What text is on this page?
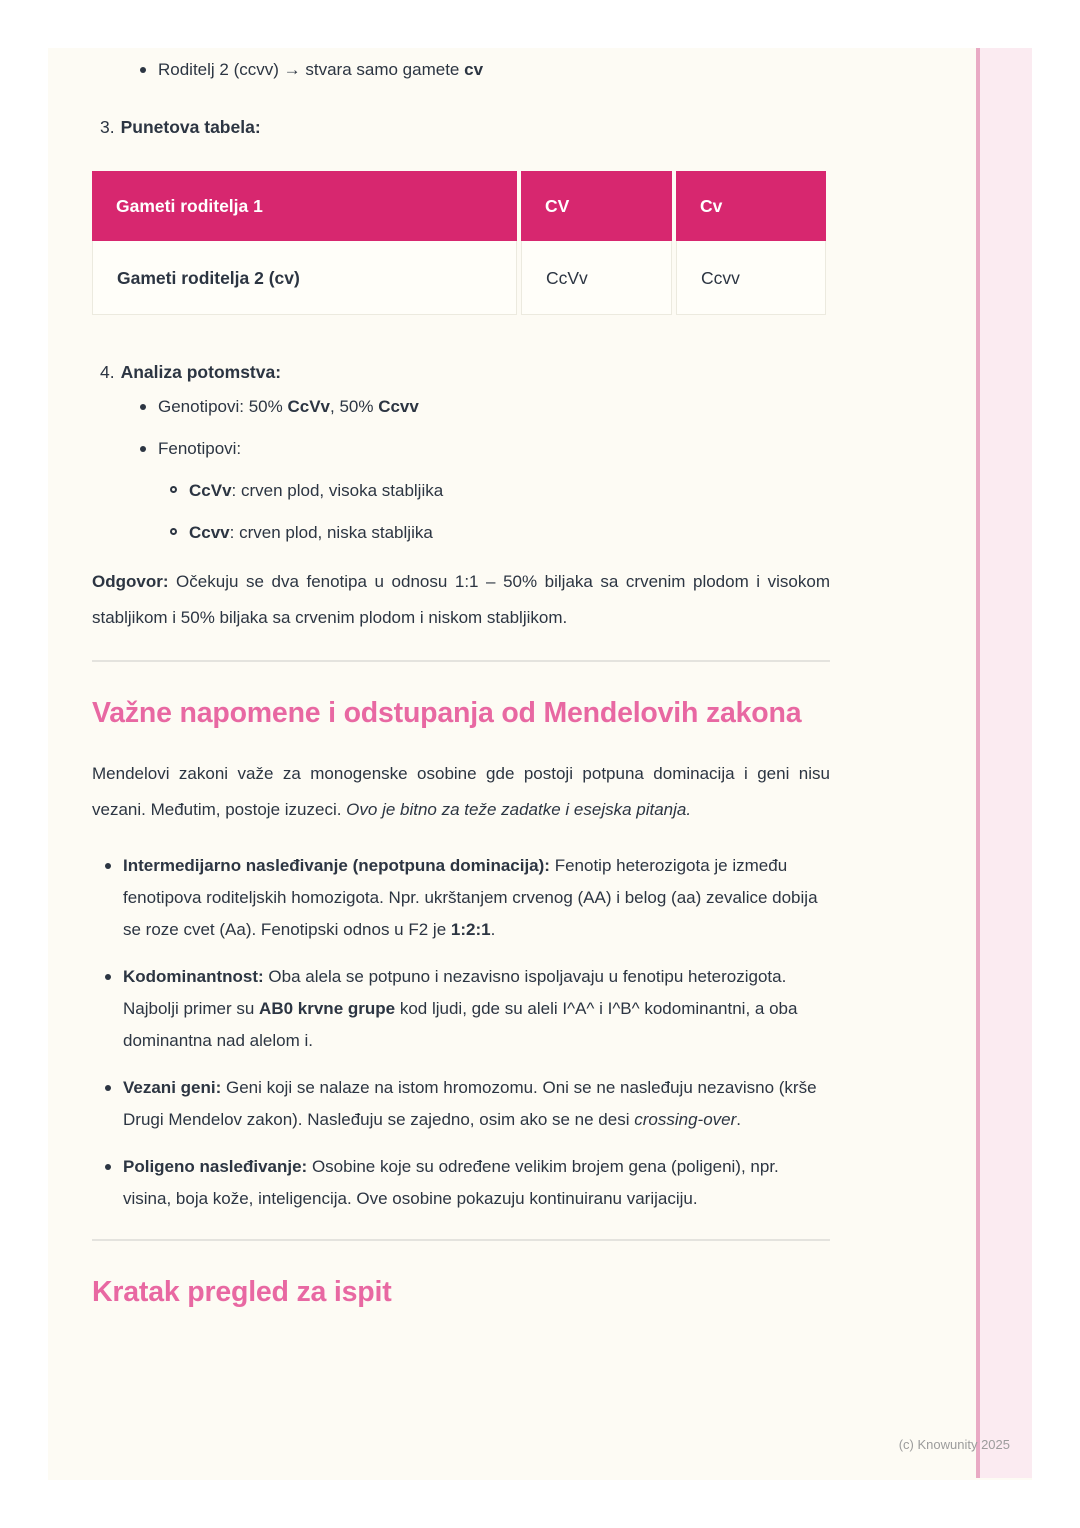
Roditelj 2 (ccvv) → stvara samo gamete cv
3. Punetova tabela:
Gameti roditelja 1	CV	Cv
Gameti roditelja 2 (cv)	CcVv	Ccvv
4. Analiza potomstva:
Genotipovi: 50% CcVv, 50% Ccvv
Fenotipovi:
CcVv: crven plod, visoka stabljika
Ccvv: crven plod, niska stabljika

Odgovor: Očekuju se dva fenotipa u odnosu 1:1 – 50% biljaka sa crvenim plodom i visokom stabljikom i 50% biljaka sa crvenim plodom i niskom stabljikom.

Važne napomene i odstupanja od Mendelovih zakona

Mendelovi zakoni važe za monogenske osobine gde postoji potpuna dominacija i geni nisu vezani. Međutim, postoje izuzeci. Ovo je bitno za teže zadatke i esejska pitanja.

Intermedijarno nasleđivanje (nepotpuna dominacija): Fenotip heterozigota je između fenotipova roditeljskih homozigota. Npr. ukrštanjem crvenog (AA) i belog (aa) zevalice dobija se roze cvet (Aa). Fenotipski odnos u F2 je 1:2:1.
Kodominantnost: Oba alela se potpuno i nezavisno ispoljavaju u fenotipu heterozigota. Najbolji primer su AB0 krvne grupe kod ljudi, gde su aleli I^A^ i I^B^ kodominantni, a oba dominantna nad alelom i.
Vezani geni: Geni koji se nalaze na istom hromozomu. Oni se ne nasleđuju nezavisno (krše Drugi Mendelov zakon). Nasleđuju se zajedno, osim ako se ne desi crossing-over.
Poligeno nasleđivanje: Osobine koje su određene velikim brojem gena (poligeni), npr. visina, boja kože, inteligencija. Ove osobine pokazuju kontinuiranu varijaciju.
Kratak pregled za ispit
(c) Knowunity 2025
